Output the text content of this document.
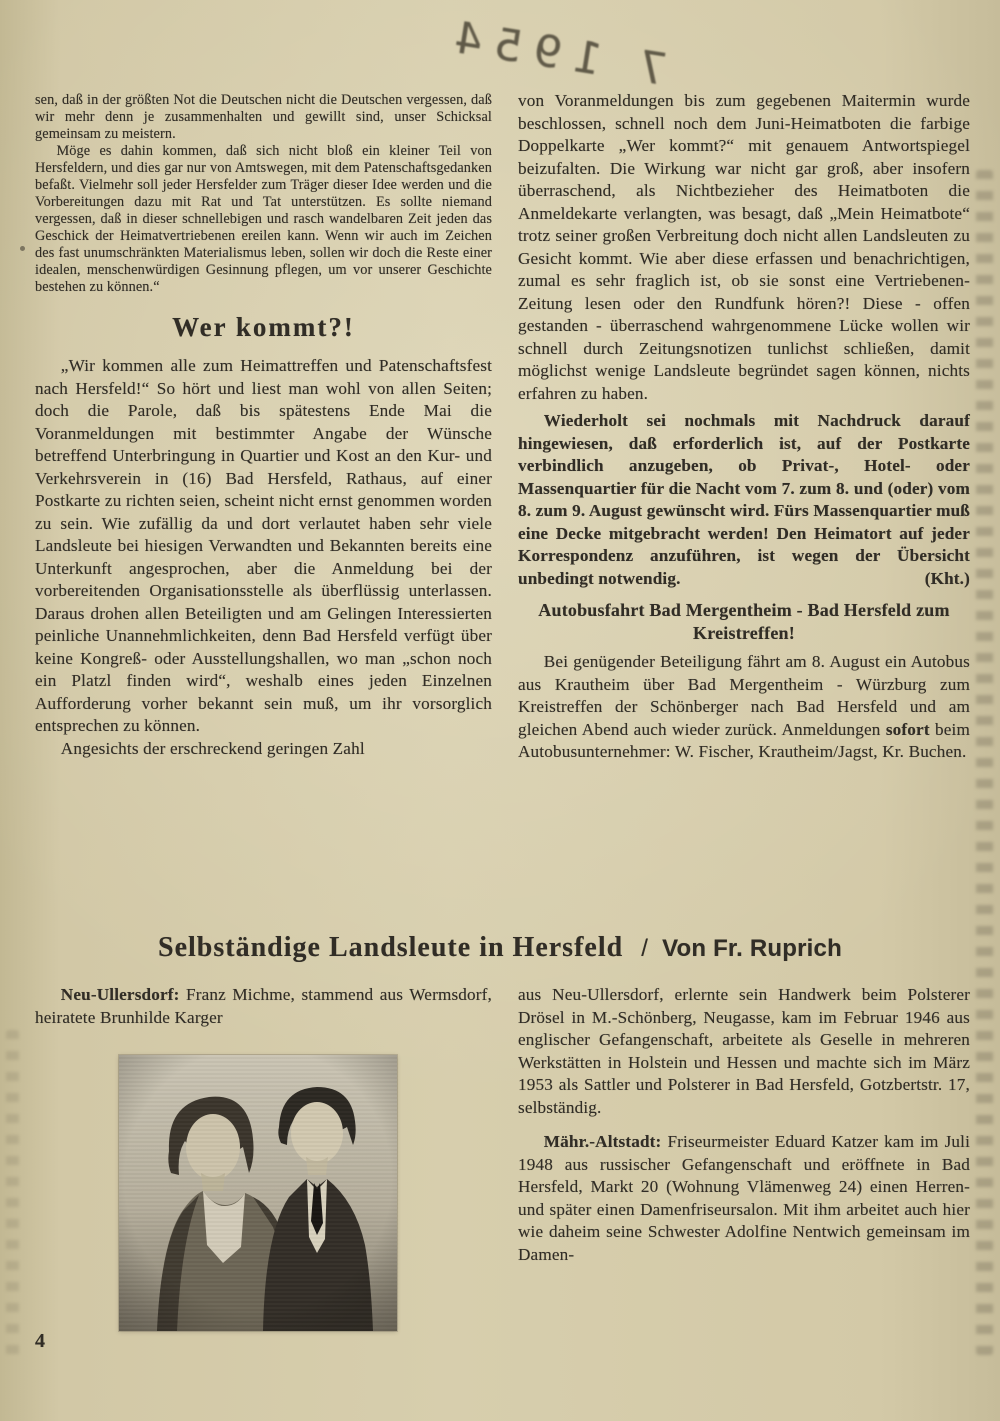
7 1954

sen, daß in der größten Not die Deutschen nicht die Deutschen vergessen, daß wir mehr denn je zusammenhalten und gewillt sind, unser Schicksal gemeinsam zu meistern.

Möge es dahin kommen, daß sich nicht bloß ein kleiner Teil von Hersfeldern, und dies gar nur von Amtswegen, mit dem Patenschaftsgedanken befaßt. Vielmehr soll jeder Hersfelder zum Träger dieser Idee werden und die Vorbereitungen dazu mit Rat und Tat unterstützen. Es sollte niemand vergessen, daß in dieser schnellebigen und rasch wandelbaren Zeit jeden das Geschick der Heimatvertriebenen ereilen kann. Wenn wir auch im Zeichen des fast unumschränkten Materialismus leben, sollen wir doch die Reste einer idealen, menschenwürdigen Gesinnung pflegen, um vor unserer Geschichte bestehen zu können.“

Wer kommt?!

„Wir kommen alle zum Heimattreffen und Patenschaftsfest nach Hersfeld!“ So hört und liest man wohl von allen Seiten; doch die Parole, daß bis spätestens Ende Mai die Voranmeldungen mit bestimmter Angabe der Wünsche betreffend Unterbringung in Quartier und Kost an den Kur- und Verkehrsverein in (16) Bad Hersfeld, Rathaus, auf einer Postkarte zu richten seien, scheint nicht ernst genommen worden zu sein. Wie zufällig da und dort verlautet haben sehr viele Landsleute bei hiesigen Verwandten und Bekannten bereits eine Unterkunft angesprochen, aber die Anmeldung bei der vorbereitenden Organisationsstelle als überflüssig unterlassen. Daraus drohen allen Beteiligten und am Gelingen Interessierten peinliche Unannehmlichkeiten, denn Bad Hersfeld verfügt über keine Kongreß- oder Ausstellungshallen, wo man „schon noch ein Platzl finden wird“, weshalb eines jeden Einzelnen Aufforderung vorher bekannt sein muß, um ihr vorsorglich entsprechen zu können.

Angesichts der erschreckend geringen Zahl

von Voranmeldungen bis zum gegebenen Maitermin wurde beschlossen, schnell noch dem Juni-Heimatboten die farbige Doppelkarte „Wer kommt?“ mit genauem Antwortspiegel beizufalten. Die Wirkung war nicht gar groß, aber insofern überraschend, als Nichtbezieher des Heimatboten die Anmeldekarte verlangten, was besagt, daß „Mein Heimatbote“ trotz seiner großen Verbreitung doch nicht allen Landsleuten zu Gesicht kommt. Wie aber diese erfassen und benachrichtigen, zumal es sehr fraglich ist, ob sie sonst eine Vertriebenen-Zeitung lesen oder den Rundfunk hören?! Diese - offen gestanden - überraschend wahrgenommene Lücke wollen wir schnell durch Zeitungsnotizen tunlichst schließen, damit möglichst wenige Landsleute begründet sagen können, nichts erfahren zu haben.

Wiederholt sei nochmals mit Nachdruck darauf hingewiesen, daß erforderlich ist, auf der Postkarte verbindlich anzugeben, ob Privat-, Hotel- oder Massenquartier für die Nacht vom 7. zum 8. und (oder) vom 8. zum 9. August gewünscht wird. Fürs Massenquartier muß eine Decke mitgebracht werden! Den Heimatort auf jeder Korrespondenz anzuführen, ist wegen der Übersicht unbedingt notwendig.	(Kht.)

Autobusfahrt Bad Mergentheim - Bad Hersfeld zum Kreistreffen!

Bei genügender Beteiligung fährt am 8. August ein Autobus aus Krautheim über Bad Mergentheim - Würzburg zum Kreistreffen der Schönberger nach Bad Hersfeld und am gleichen Abend auch wieder zurück. Anmeldungen sofort beim Autobusunternehmer: W. Fischer, Krautheim/Jagst, Kr. Buchen.

Selbständige Landsleute in Hersfeld / Von Fr. Ruprich

Neu-Ullersdorf: Franz Michme, stammend aus Wermsdorf, heiratete Brunhilde Karger

aus Neu-Ullersdorf, erlernte sein Handwerk beim Polsterer Drösel in M.-Schönberg, Neugasse, kam im Februar 1946 aus englischer Gefangenschaft, arbeitete als Geselle in mehreren Werkstätten in Holstein und Hessen und machte sich im März 1953 als Sattler und Polsterer in Bad Hersfeld, Gotzbertstr. 17, selbständig.

Mähr.-Altstadt: Friseurmeister Eduard Katzer kam im Juli 1948 aus russischer Gefangenschaft und eröffnete in Bad Hersfeld, Markt 20 (Wohnung Vlämenweg 24) einen Herren- und später einen Damenfriseursalon. Mit ihm arbeitet auch hier wie daheim seine Schwester Adolfine Nentwich gemeinsam im Damen-

4
